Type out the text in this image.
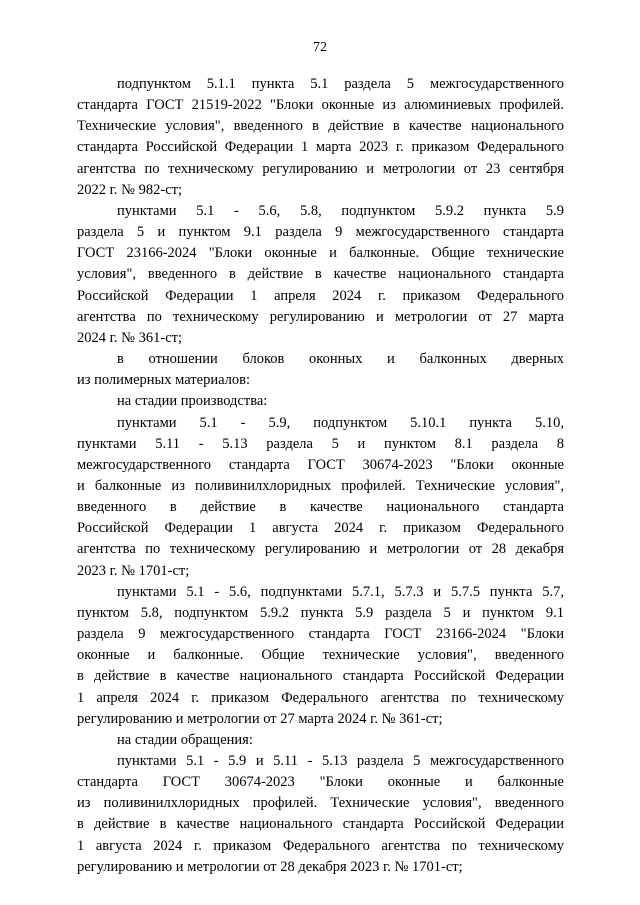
72

подпунктом 5.1.1 пункта 5.1 раздела 5 межгосударственного
стандарта ГОСТ 21519-2022 "Блоки оконные из алюминиевых профилей.
Технические условия", введенного в действие в качестве национального
стандарта Российской Федерации 1 марта 2023 г. приказом Федерального
агентства по техническому регулированию и метрологии от 23 сентября
2022 г. № 982-ст;

пунктами 5.1 - 5.6, 5.8, подпунктом 5.9.2 пункта 5.9
раздела 5 и пунктом 9.1 раздела 9 межгосударственного стандарта
ГОСТ 23166-2024 "Блоки оконные и балконные. Общие технические
условия", введенного в действие в качестве национального стандарта
Российской Федерации 1 апреля 2024 г. приказом Федерального
агентства по техническому регулированию и метрологии от 27 марта
2024 г. № 361-ст;

в отношении блоков оконных и балконных дверных
из полимерных материалов:

на стадии производства:

пунктами 5.1 - 5.9, подпунктом 5.10.1 пункта 5.10,
пунктами 5.11 - 5.13 раздела 5 и пунктом 8.1 раздела 8
межгосударственного стандарта ГОСТ 30674-2023 "Блоки оконные
и балконные из поливинилхлоридных профилей. Технические условия",
введенного в действие в качестве национального стандарта
Российской Федерации 1 августа 2024 г. приказом Федерального
агентства по техническому регулированию и метрологии от 28 декабря
2023 г. № 1701-ст;

пунктами 5.1 - 5.6, подпунктами 5.7.1, 5.7.3 и 5.7.5 пункта 5.7,
пунктом 5.8, подпунктом 5.9.2 пункта 5.9 раздела 5 и пунктом 9.1
раздела 9 межгосударственного стандарта ГОСТ 23166-2024 "Блоки
оконные и балконные. Общие технические условия", введенного
в действие в качестве национального стандарта Российской Федерации
1 апреля 2024 г. приказом Федерального агентства по техническому
регулированию и метрологии от 27 марта 2024 г. № 361-ст;

на стадии обращения:

пунктами 5.1 - 5.9 и 5.11 - 5.13 раздела 5 межгосударственного
стандарта ГОСТ 30674-2023 "Блоки оконные и балконные
из поливинилхлоридных профилей. Технические условия", введенного
в действие в качестве национального стандарта Российской Федерации
1 августа 2024 г. приказом Федерального агентства по техническому
регулированию и метрологии от 28 декабря 2023 г. № 1701-ст;
